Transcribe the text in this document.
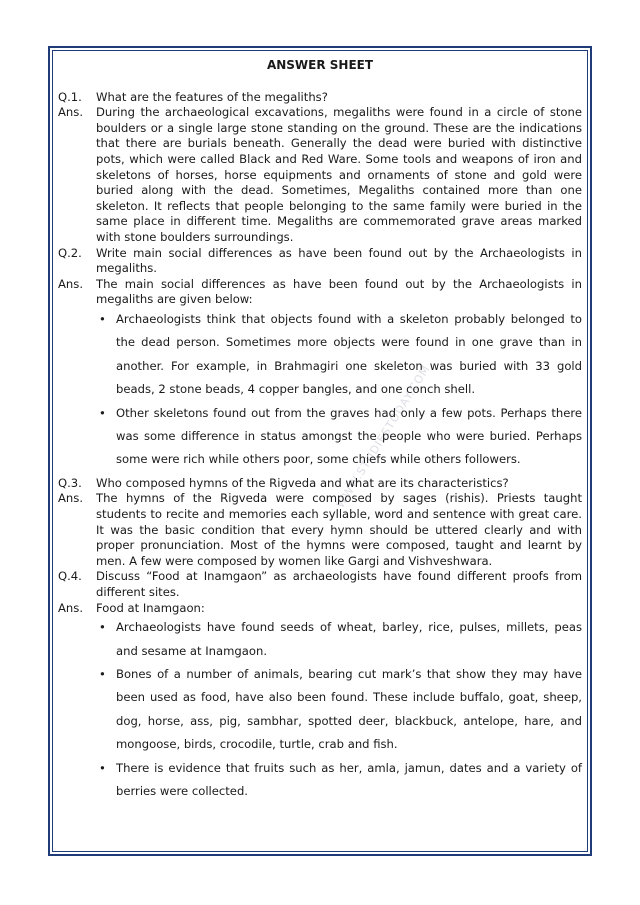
WWW.STUDIESTODAY.COM
ANSWER SHEET
Q.1.	What are the features of the megaliths?
Ans.	During the archaeological excavations, megaliths were found in a circle of stone boulders or a single large stone standing on the ground. These are the indications that there are burials beneath. Generally the dead were buried with distinctive pots, which were called Black and Red Ware. Some tools and weapons of iron and skeletons of horses, horse equipments and ornaments of stone and gold were buried along with the dead. Sometimes, Megaliths contained more than one skeleton. It reflects that people belonging to the same family were buried in the same place in different time. Megaliths are commemorated grave areas marked with stone boulders surroundings.
Q.2.	Write main social differences as have been found out by the Archaeologists in megaliths.
Ans.	The main social differences as have been found out by the Archaeologists in megaliths are given below:
• Archaeologists think that objects found with a skeleton probably belonged to the dead person. Sometimes more objects were found in one grave than in another. For example, in Brahmagiri one skeleton was buried with 33 gold beads, 2 stone beads, 4 copper bangles, and one conch shell.
• Other skeletons found out from the graves had only a few pots. Perhaps there was some difference in status amongst the people who were buried. Perhaps some were rich while others poor, some chiefs while others followers.
Q.3.	Who composed hymns of the Rigveda and what are its characteristics?
Ans.	The hymns of the Rigveda were composed by sages (rishis). Priests taught students to recite and memories each syllable, word and sentence with great care. It was the basic condition that every hymn should be uttered clearly and with proper pronunciation. Most of the hymns were composed, taught and learnt by men. A few were composed by women like Gargi and Vishveshwara.
Q.4.	Discuss “Food at Inamgaon” as archaeologists have found different proofs from different sites.
Ans.	Food at Inamgaon:
• Archaeologists have found seeds of wheat, barley, rice, pulses, millets, peas and sesame at Inamgaon.
• Bones of a number of animals, bearing cut mark’s that show they may have been used as food, have also been found. These include buffalo, goat, sheep, dog, horse, ass, pig, sambhar, spotted deer, blackbuck, antelope, hare, and mongoose, birds, crocodile, turtle, crab and fish.
• There is evidence that fruits such as her, amla, jamun, dates and a variety of berries were collected.
